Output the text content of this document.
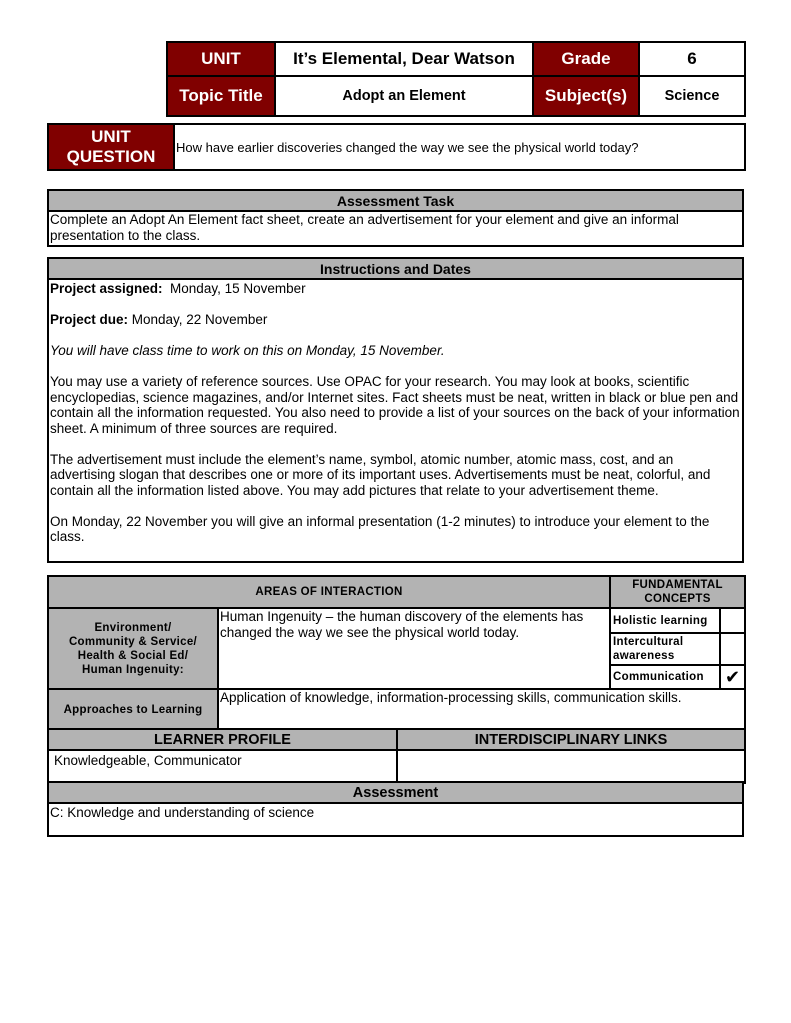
UNIT	It’s Elemental, Dear Watson	Grade	6
Topic Title	Adopt an Element	Subject(s)	Science
UNIT
QUESTION	How have earlier discoveries changed the way we see the physical world today?
Assessment Task
Complete an Adopt An Element fact sheet, create an advertisement for your element and give an informal presentation to the class.
Instructions and Dates

Project assigned:  Monday, 15 November

Project due: Monday, 22 November

You will have class time to work on this on Monday, 15 November.

You may use a variety of reference sources. Use OPAC for your research. You may look at books, scientific encyclopedias, science magazines, and/or Internet sites. Fact sheets must be neat, written in black or blue pen and contain all the information requested. You also need to provide a list of your sources on the back of your information sheet. A minimum of three sources are required.

The advertisement must include the element’s name, symbol, atomic number, atomic mass, cost, and an advertising slogan that describes one or more of its important uses. Advertisements must be neat, colorful, and contain all the information listed above. You may add pictures that relate to your advertisement theme.

On Monday, 22 November you will give an informal presentation (1-2 minutes) to introduce your element to the class.

AREAS OF INTERACTION		FUNDAMENTAL
CONCEPTS	

Environment/
Community & Service/
Health & Social Ed/
Human Ingenuity:	Human Ingenuity – the human discovery of the elements has changed the way we see the physical world today.	Holistic learning	
		Intercultural awareness	
		Communication	✔
Approaches to Learning	Application of knowledge, information-processing skills, communication skills.		
LEARNER PROFILE	INTERDISCIPLINARY LINKS
Knowledgeable, Communicator	
Assessment
C: Knowledge and understanding of science
